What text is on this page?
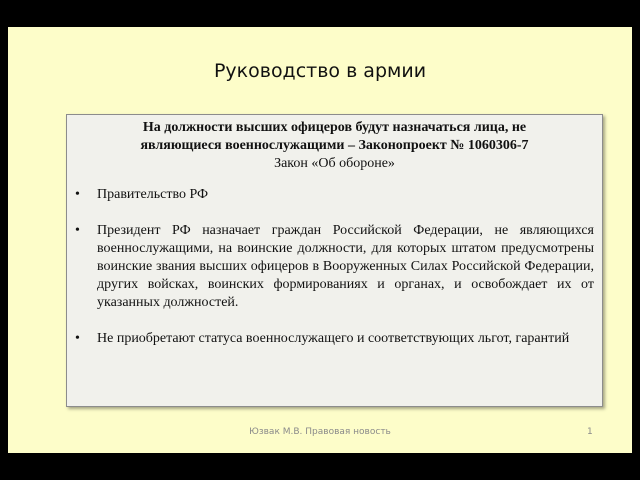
Руководство в армии
На должности высших офицеров будут назначаться лица, не
являющиеся военнослужащими – Законопроект № 1060306-7
Закон «Об обороне»
•	Правительство РФ
•	Президент РФ назначает граждан Российской Федерации, не являющихся военнослужащими, на воинские должности, для которых штатом предусмотрены воинские звания высших офицеров в Вооруженных Силах Российской Федерации, других войсках, воинских формированиях и органах, и освобождает их от указанных должностей.
•	Не приобретают статуса военнослужащего и соответствующих льгот, гарантий
Юзвак М.В. Правовая новость	1
